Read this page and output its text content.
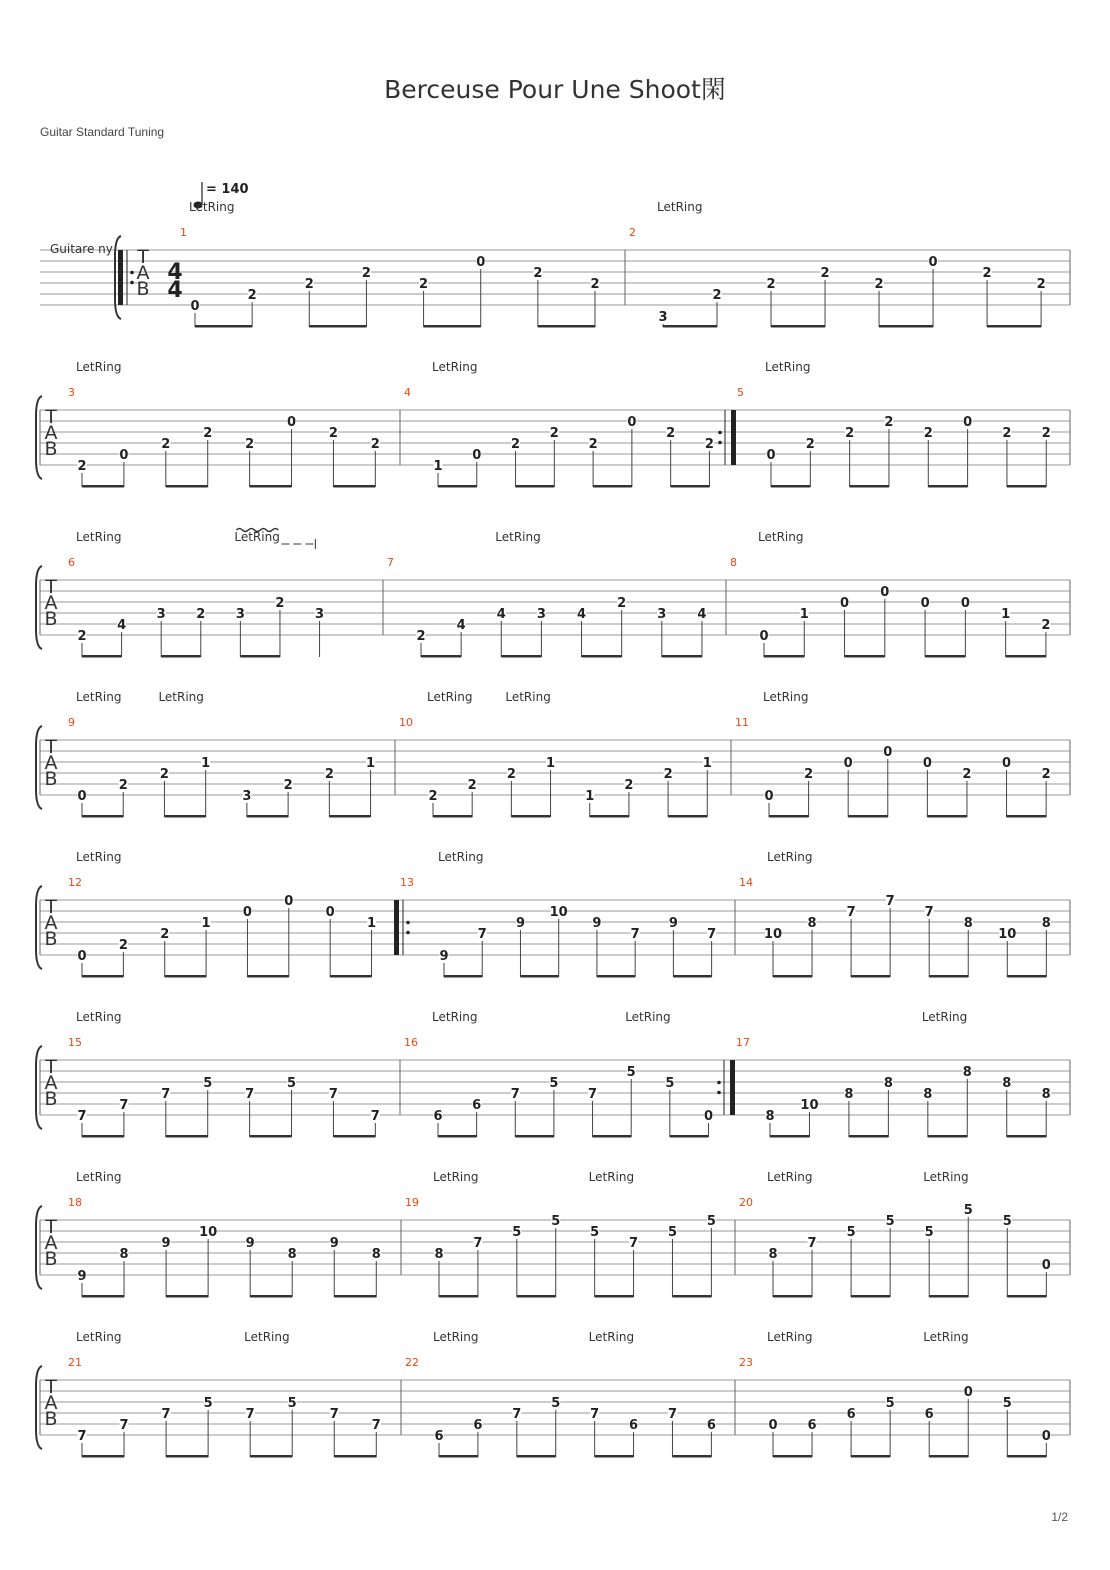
Berceuse Pour Une Shoot閑
Guitar Standard Tuning
T
A
B
Guitare ny
4
4
= 140
1
LetRing
0
2
2
2
2
0
2
2
2
LetRing
3
2
2
2
2
0
2
2
T
A
B
3
LetRing
2
0
2
2
2
0
2
2
4
LetRing
1
0
2
2
2
0
2
2
5
LetRing
0
2
2
2
2
0
2 2
T
A
B
6
LetRing	LetRing
2
4
3 2 3
2
3
7
LetRing
2
4
4 3 4
2
3 4
8
LetRing
0
1
0
0
0 0
1
2
T
A
B
9
LetRing	LetRing
0
2
2
1
3
2
2
1
10
LetRing	LetRing
2
2
2
1
1
2
2
1
11
LetRing
0
2
0
0
0
2
0
2
T
A
B
12
LetRing
0
2
2
1
0
0
0
1
13
LetRing
9
7
9
10
9
7
9
7
14
LetRing
10
8
7
7
7
8
10
8
T
A
B
15
LetRing
7
7
7
5
7
5
7
7
16
LetRing	LetRing
6
6
7
5
7
5
5
0
17
LetRing
8
10
8
8
8
8
8
8
T
A
B
18
LetRing
9
8
9
10
9
8
9
8
19
LetRing	LetRing
8
7
5
5
5
7
5
5
20
LetRing	LetRing
8
7
5
5
5
5
5
0
T
A
B
21
LetRing	LetRing
7
7
7
5
7
5
7
7
22
LetRing	LetRing
6
6
7
5
7
6
7
6
23
LetRing	LetRing
0 6
6
5
6
0
5
0
1/2
